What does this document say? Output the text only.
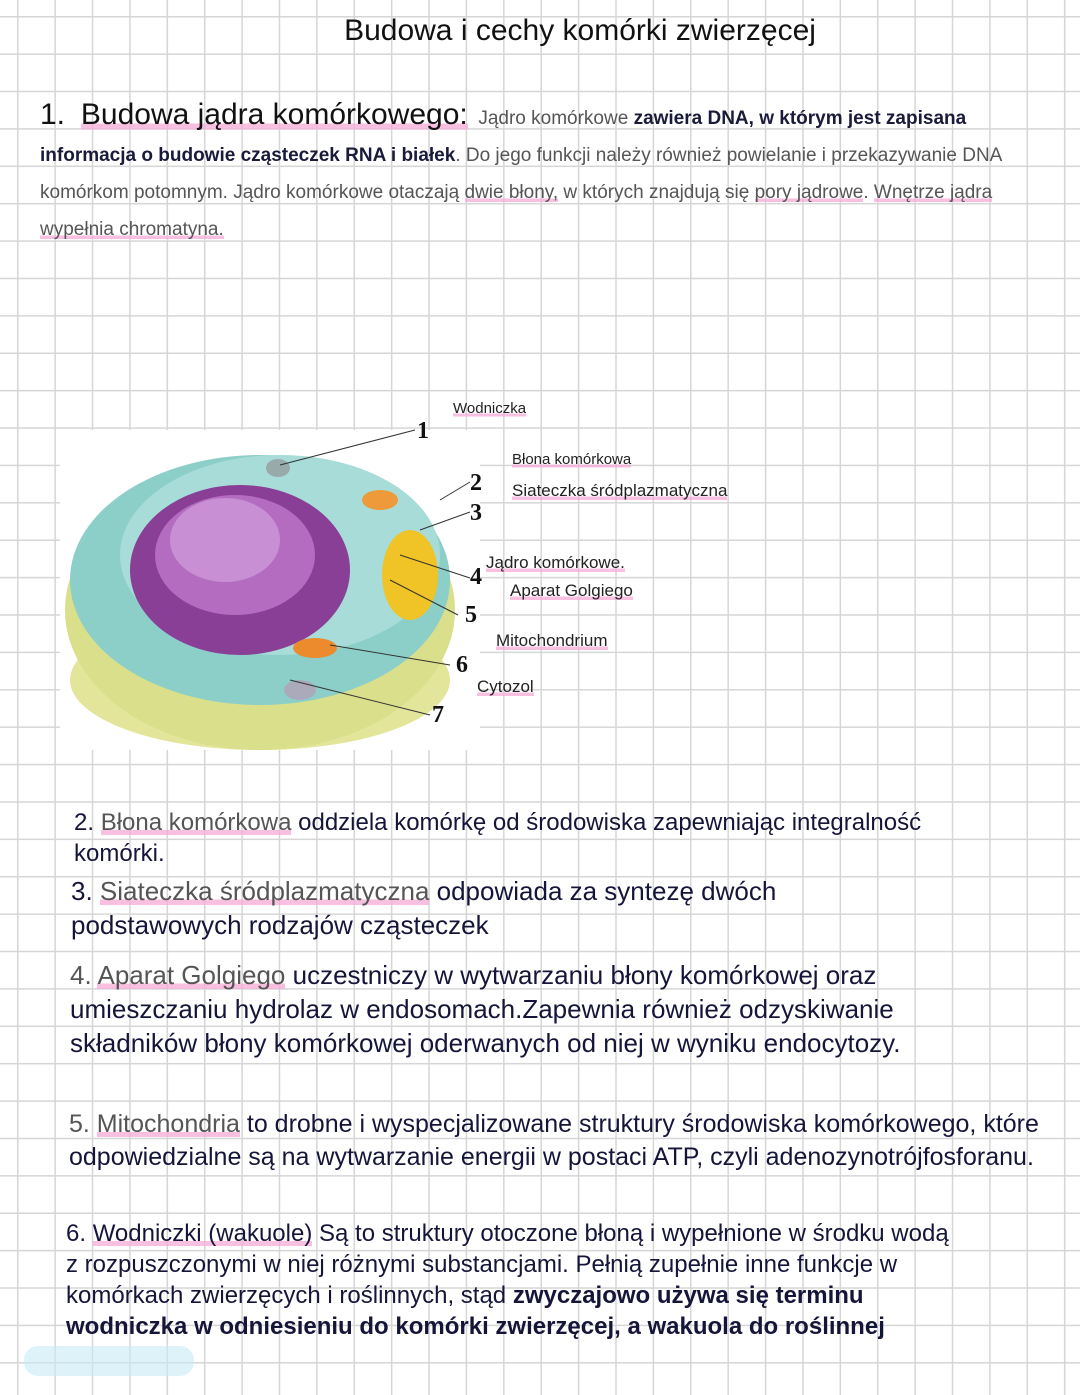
Budowa i cechy komórki zwierzęcej
1. Budowa jądra komórkowego: Jądro komórkowe zawiera DNA, w którym jest zapisana informacja o budowie cząsteczek RNA i białek. Do jego funkcji należy również powielanie i przekazywanie DNA komórkom potomnym. Jądro komórkowe otaczają dwie błony, w których znajdują się pory jądrowe. Wnętrze jądra wypełnia chromatyna.
1
2
3
4
5
6
7
Wodniczka
Błona komórkowa
Siateczka śródplazmatyczna
Jądro komórkowe.
Aparat Golgiego
Mitochondrium
Cytozol
2. Błona komórkowa oddziela komórkę od środowiska zapewniając integralność komórki.
3. Siateczka śródplazmatyczna odpowiada za syntezę dwóch podstawowych rodzajów cząsteczek
4. Aparat Golgiego uczestniczy w wytwarzaniu błony komórkowej oraz umieszczaniu hydrolaz w endosomach.Zapewnia również odzyskiwanie składników błony komórkowej oderwanych od niej w wyniku endocytozy.
5. Mitochondria to drobne i wyspecjalizowane struktury środowiska komórkowego, które odpowiedzialne są na wytwarzanie energii w postaci ATP, czyli adenozynotrójfosforanu.
6. Wodniczki (wakuole) Są to struktury otoczone błoną i wypełnione w środku wodą z rozpuszczonymi w niej różnymi substancjami. Pełnią zupełnie inne funkcje w komórkach zwierzęcych i roślinnych, stąd zwyczajowo używa się terminu wodniczka w odniesieniu do komórki zwierzęcej, a wakuola do roślinnej
